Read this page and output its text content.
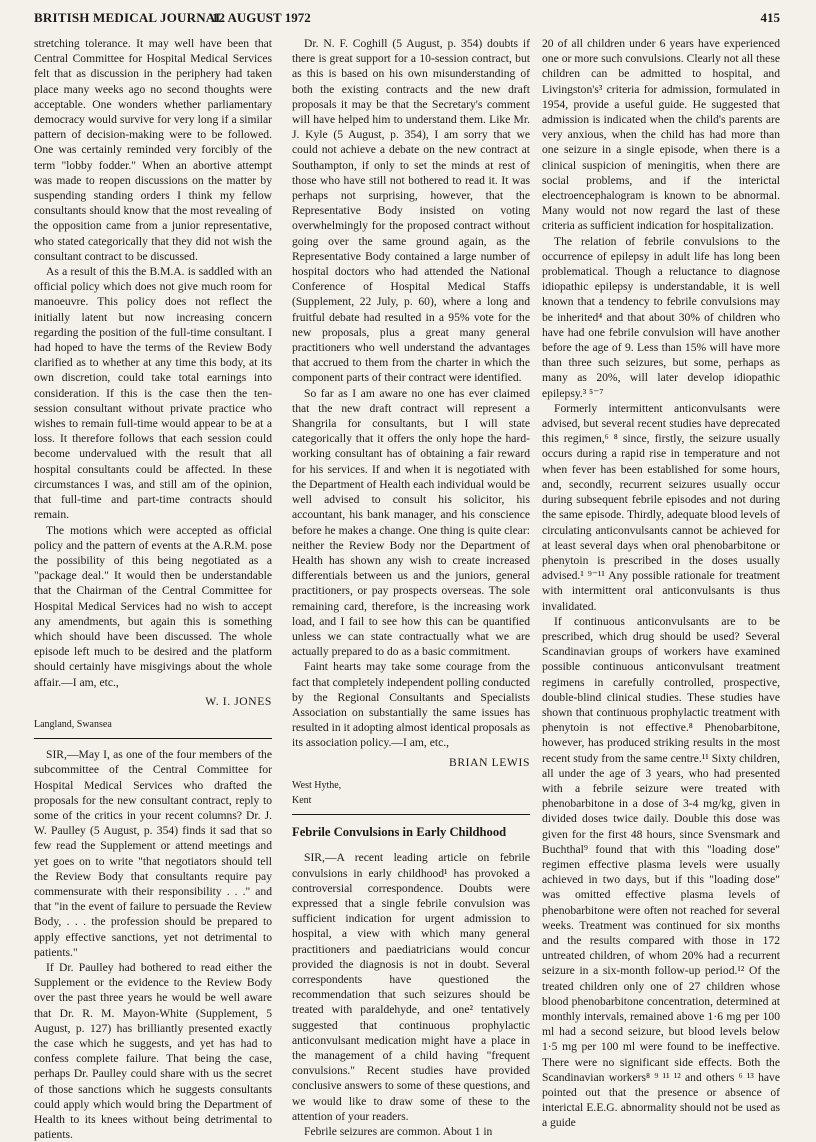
BRITISH MEDICAL JOURNAL
12 AUGUST 1972	415

stretching tolerance. It may well have been that Central Committee for Hospital Medical Services felt that as discussion in the periphery had taken place many weeks ago no second thoughts were acceptable. One wonders whether parliamentary democracy would survive for very long if a similar pattern of decision-making were to be followed. One was certainly reminded very forcibly of the term "lobby fodder." When an abortive attempt was made to reopen discussions on the matter by suspending standing orders I think my fellow consultants should know that the most revealing of the opposition came from a junior representative, who stated categorically that they did not wish the consultant contract to be discussed.

As a result of this the B.M.A. is saddled with an official policy which does not give much room for manoeuvre. This policy does not reflect the initially latent but now increasing concern regarding the position of the full-time consultant. I had hoped to have the terms of the Review Body clarified as to whether at any time this body, at its own discretion, could take total earnings into consideration. If this is the case then the ten-session consultant without private practice who wishes to remain full-time would appear to be at a loss. It therefore follows that each session could become undervalued with the result that all hospital consultants could be affected. In these circumstances I was, and still am of the opinion, that full-time and part-time contracts should remain.

The motions which were accepted as official policy and the pattern of events at the A.R.M. pose the possibility of this being negotiated as a "package deal." It would then be understandable that the Chairman of the Central Committee for Hospital Medical Services had no wish to accept any amendments, but again this is something which should have been discussed. The whole episode left much to be desired and the platform should certainly have misgivings about the whole affair.—I am, etc.,

W. I. JONES
Langland, Swansea

SIR,—May I, as one of the four members of the subcommittee of the Central Committee for Hospital Medical Services who drafted the proposals for the new consultant contract, reply to some of the critics in your recent columns? Dr. J. W. Paulley (5 August, p. 354) finds it sad that so few read the Supplement or attend meetings and yet goes on to write "that negotiators should tell the Review Body that consultants require pay commensurate with their responsibility . . ." and that "in the event of failure to persuade the Review Body, . . . the profession should be prepared to apply effective sanctions, yet not detrimental to patients."

If Dr. Paulley had bothered to read either the Supplement or the evidence to the Review Body over the past three years he would be well aware that Dr. R. M. Mayon-White (Supplement, 5 August, p. 127) has brilliantly presented exactly the case which he suggests, and yet has had to confess complete failure. That being the case, perhaps Dr. Paulley could share with us the secret of those sanctions which he suggests consultants could apply which would bring the Department of Health to its knees without being detrimental to patients.

Dr. N. F. Coghill (5 August, p. 354) doubts if there is great support for a 10-session contract, but as this is based on his own misunderstanding of both the existing contracts and the new draft proposals it may be that the Secretary's comment will have helped him to understand them. Like Mr. J. Kyle (5 August, p. 354), I am sorry that we could not achieve a debate on the new contract at Southampton, if only to set the minds at rest of those who have still not bothered to read it. It was perhaps not surprising, however, that the Representative Body insisted on voting overwhelmingly for the proposed contract without going over the same ground again, as the Representative Body contained a large number of hospital doctors who had attended the National Conference of Hospital Medical Staffs (Supplement, 22 July, p. 60), where a long and fruitful debate had resulted in a 95% vote for the new proposals, plus a great many general practitioners who well understand the advantages that accrued to them from the charter in which the component parts of their contract were identified.

So far as I am aware no one has ever claimed that the new draft contract will represent a Shangrila for consultants, but I will state categorically that it offers the only hope the hard-working consultant has of obtaining a fair reward for his services. If and when it is negotiated with the Department of Health each individual would be well advised to consult his solicitor, his accountant, his bank manager, and his conscience before he makes a change. One thing is quite clear: neither the Review Body nor the Department of Health has shown any wish to create increased differentials between us and the juniors, general practitioners, or pay prospects overseas. The sole remaining card, therefore, is the increasing work load, and I fail to see how this can be quantified unless we can state contractually what we are actually prepared to do as a basic commitment.

Faint hearts may take some courage from the fact that completely independent polling conducted by the Regional Consultants and Specialists Association on substantially the same issues has resulted in it adopting almost identical proposals as its association policy.—I am, etc.,

BRIAN LEWIS
West Hythe,
Kent
Febrile Convulsions in Early Childhood

SIR,—A recent leading article on febrile convulsions in early childhood¹ has provoked a controversial correspondence. Doubts were expressed that a single febrile convulsion was sufficient indication for urgent admission to hospital, a view with which many general practitioners and paediatricians would concur provided the diagnosis is not in doubt. Several correspondents have questioned the recommendation that such seizures should be treated with paraldehyde, and one² tentatively suggested that continuous prophylactic anticonvulsant medication might have a place in the management of a child having "frequent convulsions." Recent studies have provided conclusive answers to some of these questions, and we would like to draw some of these to the attention of your readers.

Febrile seizures are common. About 1 in

20 of all children under 6 years have experienced one or more such convulsions. Clearly not all these children can be admitted to hospital, and Livingston's³ criteria for admission, formulated in 1954, provide a useful guide. He suggested that admission is indicated when the child's parents are very anxious, when the child has had more than one seizure in a single episode, when there is a clinical suspicion of meningitis, when there are social problems, and if the interictal electroencephalogram is known to be abnormal. Many would not now regard the last of these criteria as sufficient indication for hospitalization.

The relation of febrile convulsions to the occurrence of epilepsy in adult life has long been problematical. Though a reluctance to diagnose idiopathic epilepsy is understandable, it is well known that a tendency to febrile convulsions may be inherited⁴ and that about 30% of children who have had one febrile convulsion will have another before the age of 9. Less than 15% will have more than three such seizures, but some, perhaps as many as 20%, will later develop idiopathic epilepsy.³ ⁵⁻⁷

Formerly intermittent anticonvulsants were advised, but several recent studies have deprecated this regimen,⁶ ⁸ since, firstly, the seizure usually occurs during a rapid rise in temperature and not when fever has been established for some hours, and, secondly, recurrent seizures usually occur during subsequent febrile episodes and not during the same episode. Thirdly, adequate blood levels of circulating anticonvulsants cannot be achieved for at least several days when oral phenobarbitone or phenytoin is prescribed in the doses usually advised.¹ ⁹⁻¹¹ Any possible rationale for treatment with intermittent oral anticonvulsants is thus invalidated.

If continuous anticonvulsants are to be prescribed, which drug should be used? Several Scandinavian groups of workers have examined possible continuous anticonvulsant treatment regimens in carefully controlled, prospective, double-blind clinical studies. These studies have shown that continuous prophylactic treatment with phenytoin is not effective.⁸ Phenobarbitone, however, has produced striking results in the most recent study from the same centre.¹¹ Sixty children, all under the age of 3 years, who had presented with a febrile seizure were treated with phenobarbitone in a dose of 3-4 mg/kg, given in divided doses twice daily. Double this dose was given for the first 48 hours, since Svensmark and Buchthal⁹ found that with this "loading dose" regimen effective plasma levels were usually achieved in two days, but if this "loading dose" was omitted effective plasma levels of phenobarbitone were often not reached for several weeks. Treatment was continued for six months and the results compared with those in 172 untreated children, of whom 20% had a recurrent seizure in a six-month follow-up period.¹² Of the treated children only one of 27 children whose blood phenobarbitone concentration, determined at monthly intervals, remained above 1·6 mg per 100 ml had a second seizure, but blood levels below 1·5 mg per 100 ml were found to be ineffective. There were no significant side effects. Both the Scandinavian workers⁸ ⁹ ¹¹ ¹² and others ⁶ ¹³ have pointed out that the presence or absence of interictal E.E.G. abnormality should not be used as a guide
